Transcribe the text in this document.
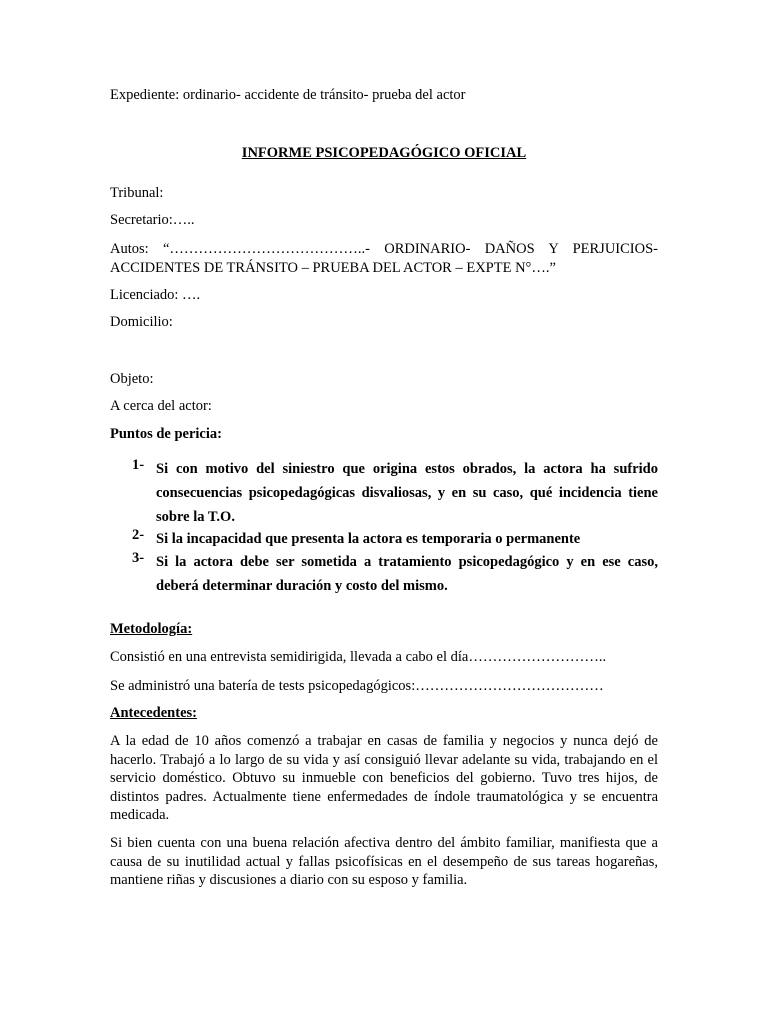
Expediente: ordinario- accidente de tránsito- prueba del actor
INFORME PSICOPEDAGÓGICO OFICIAL
Tribunal:
Secretario:…..
Autos: “…………………………………..- ORDINARIO- DAÑOS Y PERJUICIOS- ACCIDENTES DE TRÁNSITO – PRUEBA DEL ACTOR – EXPTE N°….”
Licenciado: ….
Domicilio:
Objeto:
A cerca del actor:
Puntos de pericia:
1- Si con motivo del siniestro que origina estos obrados, la actora ha sufrido consecuencias psicopedagógicas disvaliosas, y en su caso, qué incidencia tiene sobre la T.O.
2- Si la incapacidad que presenta la actora es temporaria o permanente
3- Si la actora debe ser sometida a tratamiento psicopedagógico y en ese caso, deberá determinar duración y costo del mismo.
Metodología:
Consistió en una entrevista semidirigida, llevada a cabo el día………………………..
Se administró una batería de tests psicopedagógicos:…………………………………
Antecedentes:
A la edad de 10 años comenzó a trabajar en casas de familia y negocios y nunca dejó de hacerlo. Trabajó a lo largo de su vida y así consiguió llevar adelante su vida, trabajando en el servicio doméstico. Obtuvo su inmueble con beneficios del gobierno. Tuvo tres hijos, de distintos padres. Actualmente tiene enfermedades de índole traumatológica y se encuentra medicada.
Si bien cuenta con una buena relación afectiva dentro del ámbito familiar, manifiesta que a causa de su inutilidad actual y fallas psicofísicas en el desempeño de sus tareas hogareñas, mantiene riñas y discusiones a diario con su esposo y familia.
